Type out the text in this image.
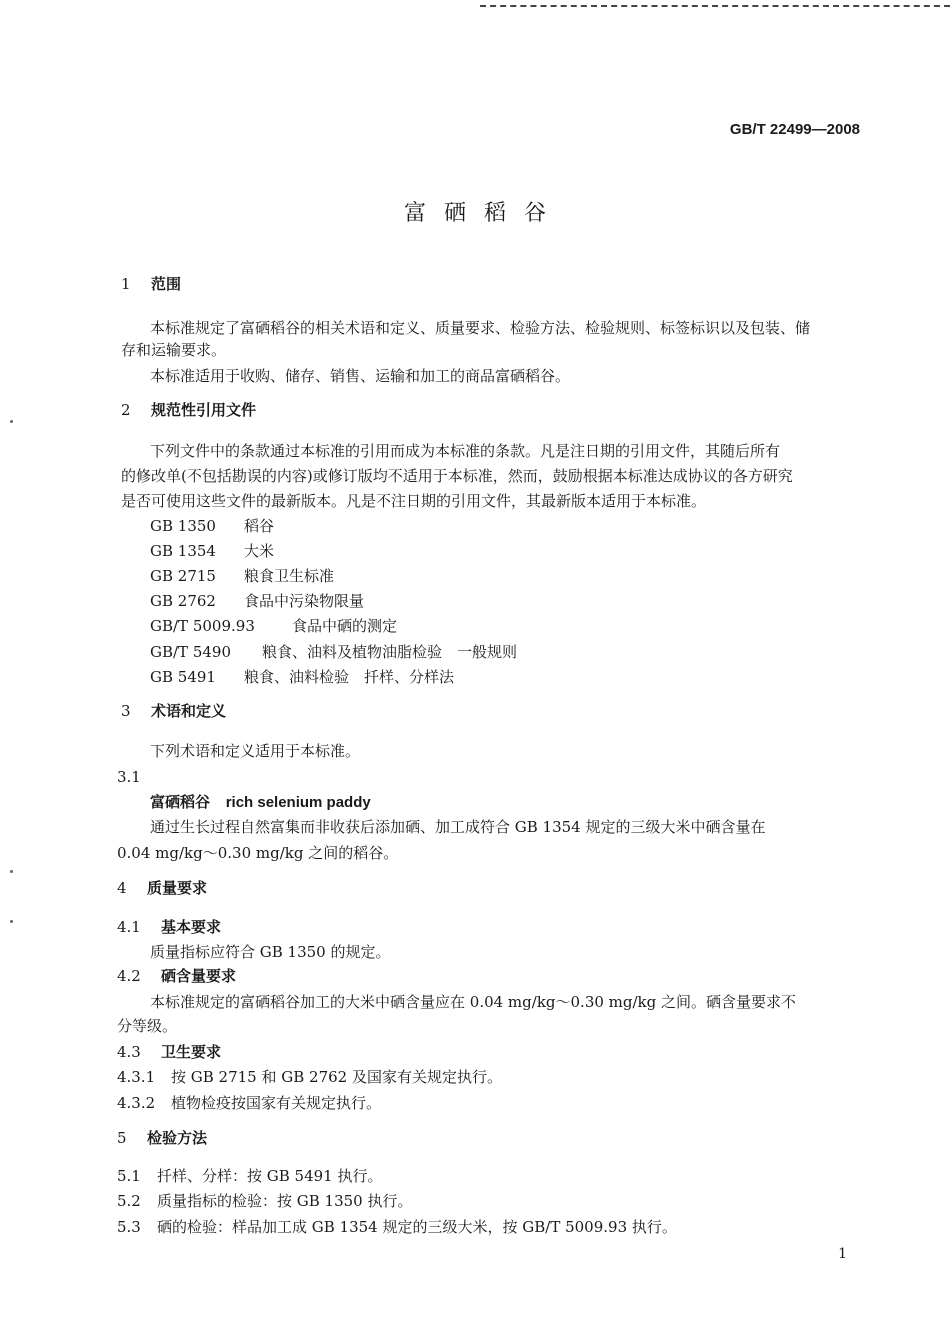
GB/T 22499—2008
富硒稻谷
1 范围
本标准规定了富硒稻谷的相关术语和定义、质量要求、检验方法、检验规则、标签标识以及包装、储
存和运输要求。
本标准适用于收购、储存、销售、运输和加工的商品富硒稻谷。
2 规范性引用文件
下列文件中的条款通过本标准的引用而成为本标准的条款。凡是注日期的引用文件，其随后所有
的修改单(不包括勘误的内容)或修订版均不适用于本标准，然而，鼓励根据本标准达成协议的各方研究
是否可使用这些文件的最新版本。凡是不注日期的引用文件，其最新版本适用于本标准。
GB 1350 稻谷
GB 1354 大米
GB 2715 粮食卫生标准
GB 2762 食品中污染物限量
GB/T 5009.93 食品中硒的测定
GB/T 5490 粮食、油料及植物油脂检验　一般规则
GB 5491 粮食、油料检验　扦样、分样法
3 术语和定义
下列术语和定义适用于本标准。
3.1
富硒稻谷 rich selenium paddy
通过生长过程自然富集而非收获后添加硒、加工成符合 GB 1354 规定的三级大米中硒含量在
0.04 mg/kg～0.30 mg/kg 之间的稻谷。
4 质量要求
4.1 基本要求
质量指标应符合 GB 1350 的规定。
4.2 硒含量要求
本标准规定的富硒稻谷加工的大米中硒含量应在 0.04 mg/kg～0.30 mg/kg 之间。硒含量要求不
分等级。
4.3 卫生要求
4.3.1 按 GB 2715 和 GB 2762 及国家有关规定执行。
4.3.2 植物检疫按国家有关规定执行。
5 检验方法
5.1 扦样、分样：按 GB 5491 执行。
5.2 质量指标的检验：按 GB 1350 执行。
5.3 硒的检验：样品加工成 GB 1354 规定的三级大米，按 GB/T 5009.93 执行。
1
